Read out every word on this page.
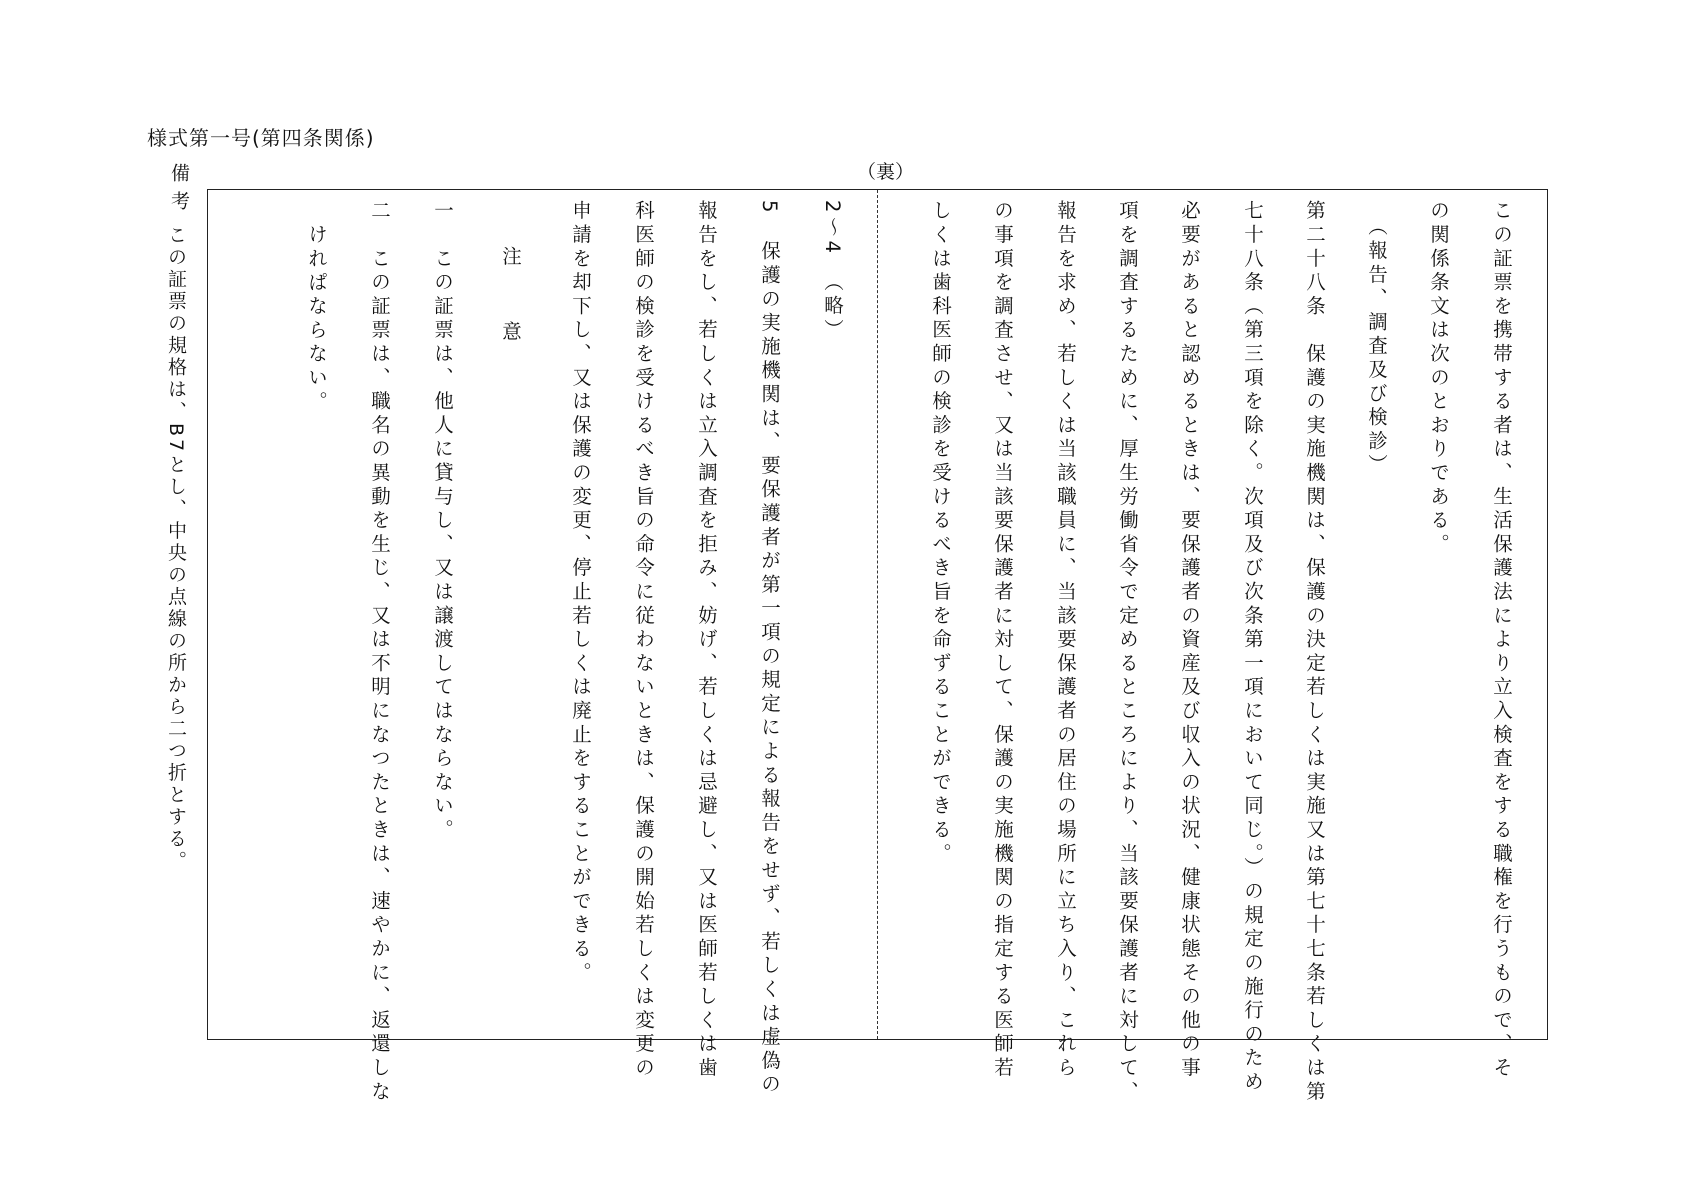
様式第一号(第四条関係)
（裏）
備考
この証票の規格は、B7とし、中央の点線の所から二つ折とする。	この証票を携帯する者は、生活保護法により立入検査をする職権を行うもので、そ
の関係条文は次のとおりである。
（報告、調査及び検診）
第二十八条　保護の実施機関は、保護の決定若しくは実施又は第七十七条若しくは第
七十八条（第三項を除く。次項及び次条第一項において同じ。）の規定の施行のため
必要があると認めるときは、要保護者の資産及び収入の状況、健康状態その他の事
項を調査するために、厚生労働省令で定めるところにより、当該要保護者に対して、
報告を求め、若しくは当該職員に、当該要保護者の居住の場所に立ち入り、これら
の事項を調査させ、又は当該要保護者に対して、保護の実施機関の指定する医師若
しくは歯科医師の検診を受けるべき旨を命ずることができる。
2〜4　（略）
5　保護の実施機関は、要保護者が第一項の規定による報告をせず、若しくは虚偽の
報告をし、若しくは立入調査を拒み、妨げ、若しくは忌避し、又は医師若しくは歯
科医師の検診を受けるべき旨の命令に従わないときは、保護の開始若しくは変更の
申請を却下し、又は保護の変更、停止若しくは廃止をすることができる。
注　意
一　この証票は、他人に貸与し、又は譲渡してはならない。
二　この証票は、職名の異動を生じ、又は不明になつたときは、速やかに、返還しな
けれぱならない。
